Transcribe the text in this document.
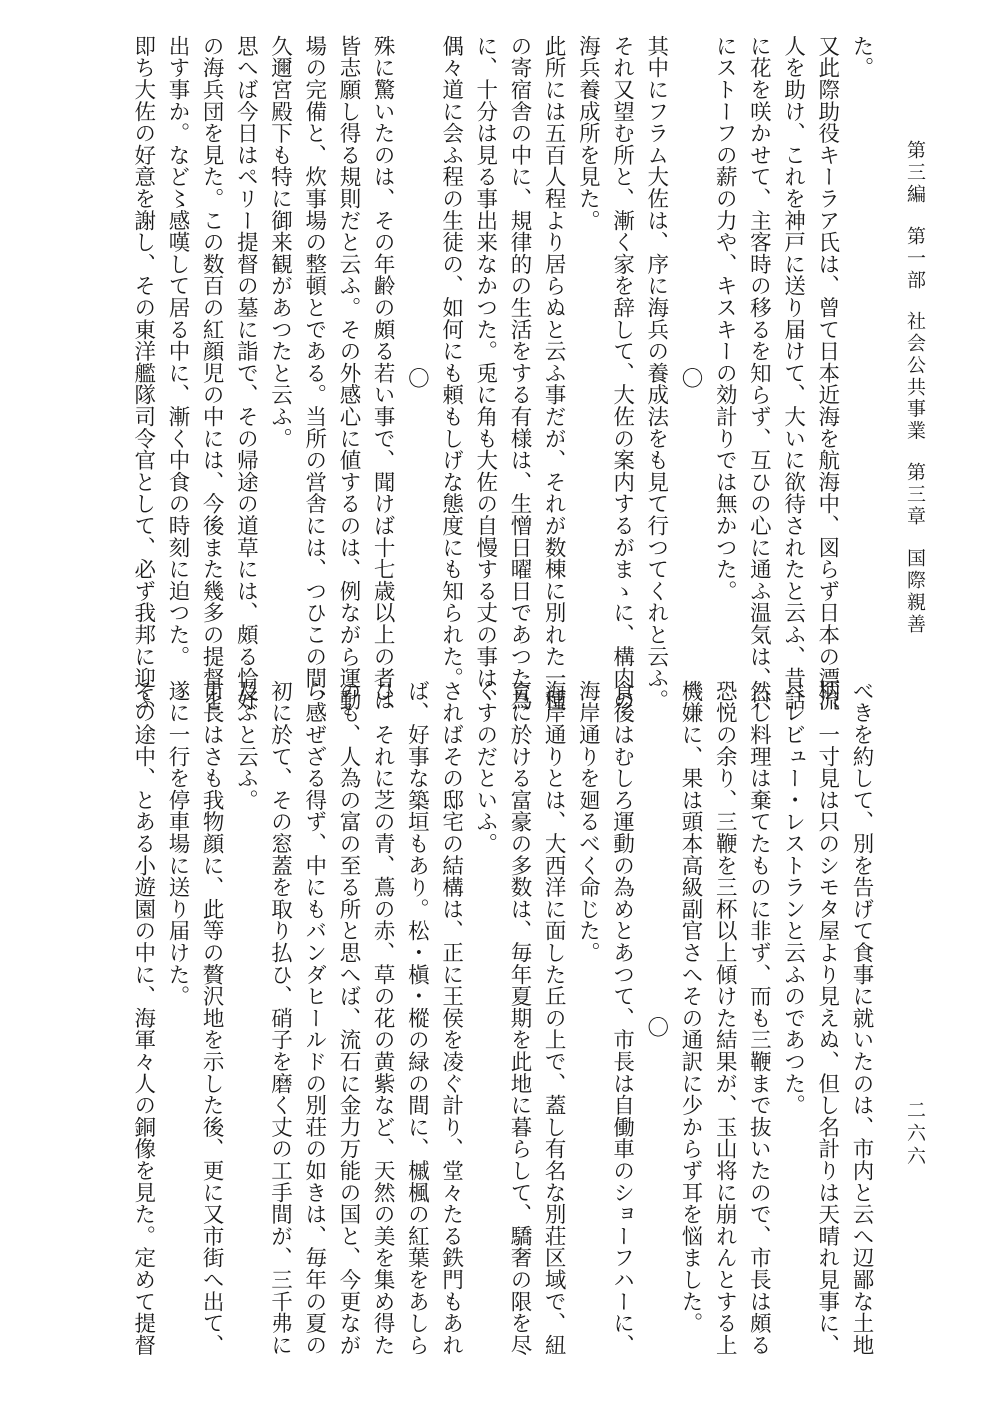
第三編第一部社会公共事業第三章国際親善
二六六
た。
又此際助役キーラア氏は、曾て日本近海を航海中、図らず日本の漂流
人を助け、これを神戸に送り届けて、大いに欲待されたと云ふ、昔話
に花を咲かせて、主客時の移るを知らず、互ひの心に通ふ温気は、只
にストーフの薪の力や、キスキーの効計りでは無かつた。
〇
其中にフラム大佐は、序に海兵の養成法をも見て行つてくれと云ふ。
それ又望む所と、漸く家を辞して、大佐の案内するがまゝに、構内の
海兵養成所を見た。
此所には五百人程より居らぬと云ふ事だが、それが数棟に別れた一種
の寄宿舎の中に、規律的の生活をする有様は、生憎日曜日であつた為
に、十分は見る事出来なかつた。兎に角も大佐の自慢する丈の事は、
偶々道に会ふ程の生徒の、如何にも頼もしげな態度にも知られた。
〇
殊に驚いたのは、その年齢の頗る若い事で、聞けば十七歳以上の者は
皆志願し得る規則だと云ふ。その外感心に値するのは、例ながら運動
場の完備と、炊事場の整頓とである。当所の営舎には、つひこの間、
久邇宮殿下も特に御来観があつたと云ふ。
思へば今日はペリー提督の墓に詣で、その帰途の道草には、頗る恰好
の海兵団を見た。この数百の紅顔児の中には、今後また幾多の提督を
出す事か。など〻感嘆して居る中に、漸く中食の時刻に迫つた。
即ち大佐の好意を謝し、その東洋艦隊司令官として、必ず我邦に迎ふ
べきを約して、別を告げて食事に就いたのは、市内と云へ辺鄙な土地
柄、一寸見は只のシモタ屋より見えぬ、但し名計りは天晴れ見事に、
ベレビュー・レストランと云ふのであつた。
然し料理は棄てたものに非ず、而も三鞭まで抜いたので、市長は頗る
恐悦の余り、三鞭を三杯以上傾けた結果が、玉山将に崩れんとする上
機嫌に、果は頭本高級副官さへその通訳に少からず耳を悩ました。
〇
食後はむしろ運動の為めとあつて、市長は自働車のショーフハーに、
海岸通りを廻るべく命じた。
海岸通りとは、大西洋に面した丘の上で、蓋し有名な別荘区域で、紐
育に於ける富豪の多数は、毎年夏期を此地に暮らして、驕奢の限を尽
くすのだといふ。
さればその邸宅の結構は、正に王侯を凌ぐ計り、堂々たる鉄門もあれ
ば、好事な築垣もあり。松・槇・樅の緑の間に、槭楓の紅葉をあしら
ひ、それに芝の青、蔦の赤、草の花の黄紫など、天然の美を集め得た
のも、人為の富の至る所と思へば、流石に金力万能の国と、今更なが
ら感ぜざる得ず、中にもバンダヒールドの別荘の如きは、毎年の夏の
初に於て、その窓蓋を取り払ひ、硝子を磨く丈の工手間が、三千弗に
及ぶと云ふ。
市長はさも我物顔に、此等の贅沢地を示した後、更に又市街へ出て、
遂に一行を停車場に送り届けた。
その途中、とある小遊園の中に、海軍々人の銅像を見た。定めて提督
